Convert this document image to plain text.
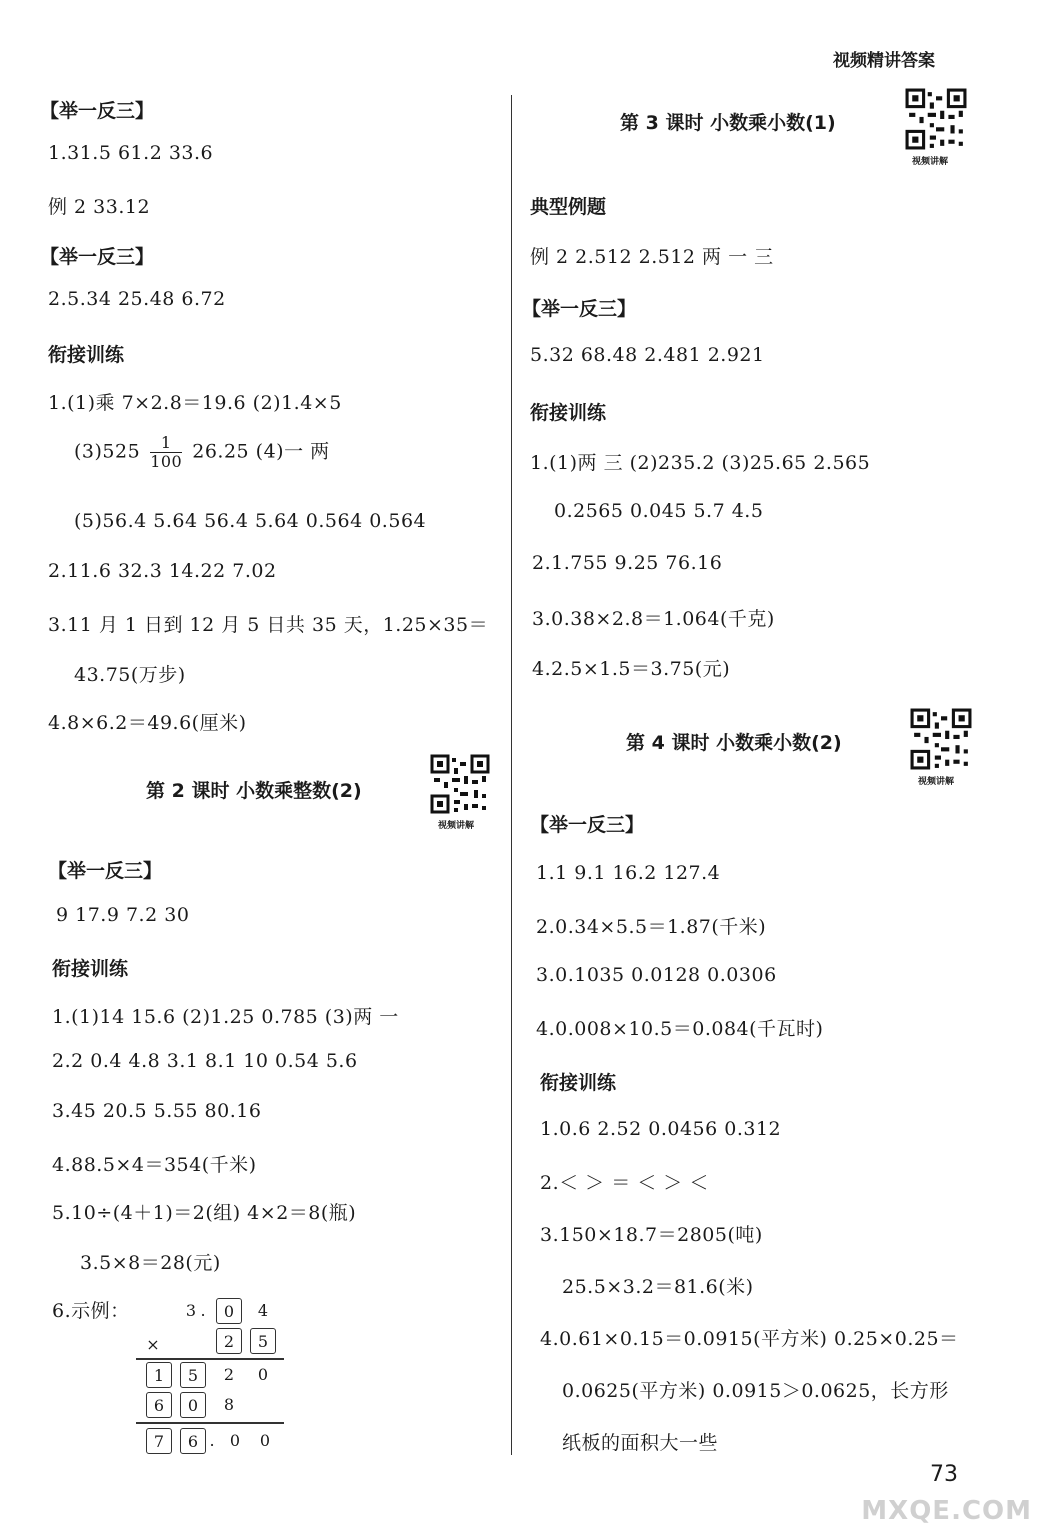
视频精讲答案
【举一反三】
1.31.5 61.2 33.6
例 2 33.12
【举一反三】
2.5.34 25.48 6.72
衔接训练
1.(1)乘 7×2.8＝19.6 (2)1.4×5
$(3)525 \frac{1}{100} 26.25$ (4)一 两
(5)56.4 5.64 56.4 5.64 0.564 0.564
2.11.6 32.3 14.22 7.02
3.11 月 1 日到 12 月 5 日共 35 天，1.25×35＝
43.75(万步)
4.8×6.2＝49.6(厘米)
第 2 课时 小数乘整数(2)
视频讲解
【举一反三】
9 17.9 7.2 30
衔接训练
1.(1)14 15.6 (2)1.25 0.785 (3)两 一
2.2 0.4 4.8 3.1 8.1 10 0.54 5.6
3.45 20.5 5.55 80.16
4.88.5×4＝354(千米)
5.10÷(4＋1)＝2(组) 4×2＝8(瓶)
3.5×8＝28(元)
6.示例：	3 .	0	4
×	2	5
1	5	2	0
6	0	8
7	6 . 0	0
第 3 课时 小数乘小数(1)
视频讲解
典型例题
例 2 2.512 2.512 两 一 三
【举一反三】
5.32 68.48 2.481 2.921
衔接训练
1.(1)两 三 (2)235.2 (3)25.65 2.565
0.2565 0.045 5.7 4.5
2.1.755 9.25 76.16
3.0.38×2.8＝1.064(千克)
4.2.5×1.5＝3.75(元)
第 4 课时 小数乘小数(2)
视频讲解
【举一反三】
1.1 9.1 16.2 127.4
2.0.34×5.5＝1.87(千米)
3.0.1035 0.0128 0.0306
4.0.008×10.5＝0.084(千瓦时)
衔接训练
1.0.6 2.52 0.0456 0.312
2.＜ ＞ ＝ ＜ ＞ ＜
3.150×18.7＝2805(吨)
25.5×3.2＝81.6(米)
4.0.61×0.15＝0.0915(平方米) 0.25×0.25＝
0.0625(平方米) 0.0915＞0.0625，长方形
纸板的面积大一些
73
MXQE.COM
